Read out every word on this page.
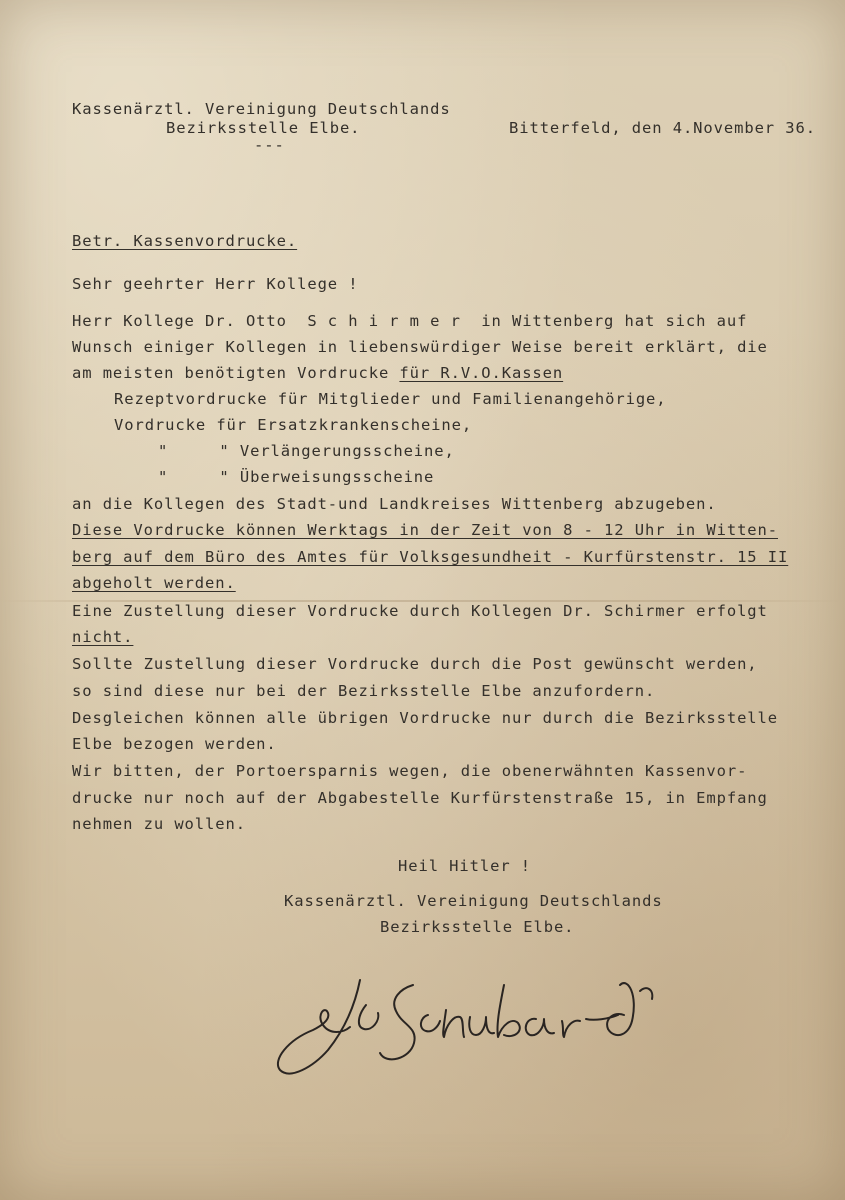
Kassenärztl. Vereinigung Deutschlands

Bezirksstelle Elbe.

---

Bitterfeld, den 4.November 36.

Betr. Kassenvordrucke.

Sehr geehrter Herr Kollege !

Herr Kollege Dr. Otto  S c h i r m e r  in Wittenberg hat sich auf

Wunsch einiger Kollegen in liebenswürdiger Weise bereit erklärt, die

am meisten benötigten Vordrucke für R.V.O.Kassen

Rezeptvordrucke für Mitglieder und Familienangehörige,

Vordrucke für Ersatzkrankenscheine,

"     " Verlängerungsscheine,

"     " Überweisungsscheine

an die Kollegen des Stadt-und Landkreises Wittenberg abzugeben.

Diese Vordrucke können Werktags in der Zeit von 8 - 12 Uhr in Witten-

berg auf dem Büro des Amtes für Volksgesundheit - Kurfürstenstr. 15 II

abgeholt werden.

Eine Zustellung dieser Vordrucke durch Kollegen Dr. Schirmer erfolgt

nicht.

Sollte Zustellung dieser Vordrucke durch die Post gewünscht werden,

so sind diese nur bei der Bezirksstelle Elbe anzufordern.

Desgleichen können alle übrigen Vordrucke nur durch die Bezirksstelle

Elbe bezogen werden.

Wir bitten, der Portoersparnis wegen, die obenerwähnten Kassenvor-

drucke nur noch auf der Abgabestelle Kurfürstenstraße 15, in Empfang

nehmen zu wollen.

Heil Hitler !

Kassenärztl. Vereinigung Deutschlands

Bezirksstelle Elbe.
